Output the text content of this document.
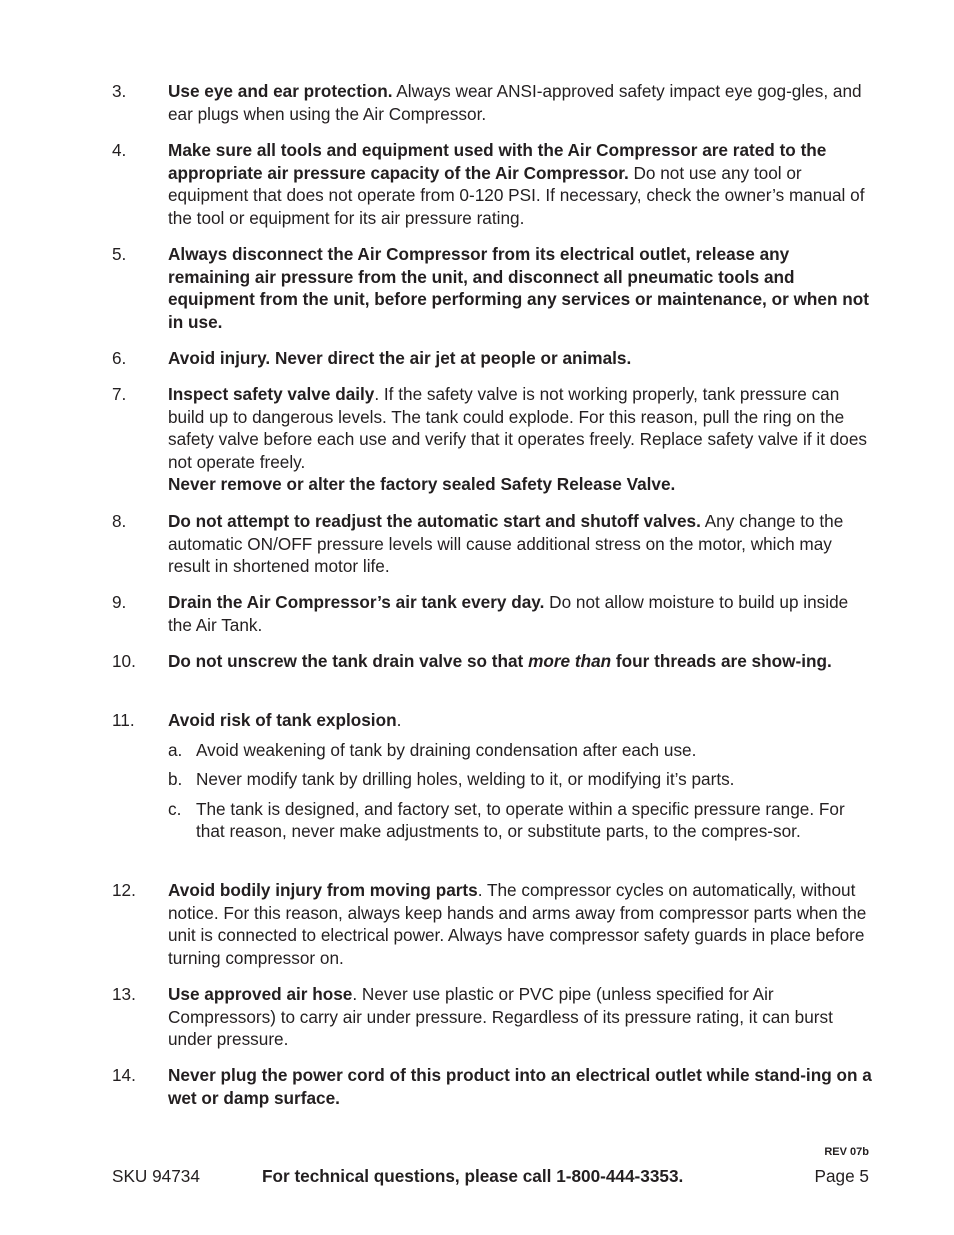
3.	Use eye and ear protection. Always wear ANSI-approved safety impact eye gog-gles, and ear plugs when using the Air Compressor.
4.	Make sure all tools and equipment used with the Air Compressor are rated to the appropriate air pressure capacity of the Air Compressor. Do not use any tool or equipment that does not operate from 0-120 PSI. If necessary, check the owner’s manual of the tool or equipment for its air pressure rating.
5.	Always disconnect the Air Compressor from its electrical outlet, release any remaining air pressure from the unit, and disconnect all pneumatic tools and equipment from the unit, before performing any services or maintenance, or when not in use.
6.	Avoid injury. Never direct the air jet at people or animals.
7.	Inspect safety valve daily. If the safety valve is not working properly, tank pressure can build up to dangerous levels. The tank could explode. For this reason, pull the ring on the safety valve before each use and verify that it operates freely. Replace safety valve if it does not operate freely.
Never remove or alter the factory sealed Safety Release Valve.
8.	Do not attempt to readjust the automatic start and shutoff valves. Any change to the automatic ON/OFF pressure levels will cause additional stress on the motor, which may result in shortened motor life.
9.	Drain the Air Compressor’s air tank every day. Do not allow moisture to build up inside the Air Tank.
10.	Do not unscrew the tank drain valve so that more than four threads are show-ing.
11.	Avoid risk of tank explosion.
a. Avoid weakening of tank by draining condensation after each use.
b. Never modify tank by drilling holes, welding to it, or modifying it’s parts.
c. The tank is designed, and factory set, to operate within a specific pressure range. For that reason, never make adjustments to, or substitute parts, to the compres-sor.
12.	Avoid bodily injury from moving parts. The compressor cycles on automatically, without notice. For this reason, always keep hands and arms away from compressor parts when the unit is connected to electrical power. Always have compressor safety guards in place before turning compressor on.
13.	Use approved air hose. Never use plastic or PVC pipe (unless specified for Air Compressors) to carry air under pressure. Regardless of its pressure rating, it can burst under pressure.
14.	Never plug the power cord of this product into an electrical outlet while stand-ing on a wet or damp surface.
REV 07b
SKU 94734	For technical questions, please call 1-800-444-3353.	Page 5
